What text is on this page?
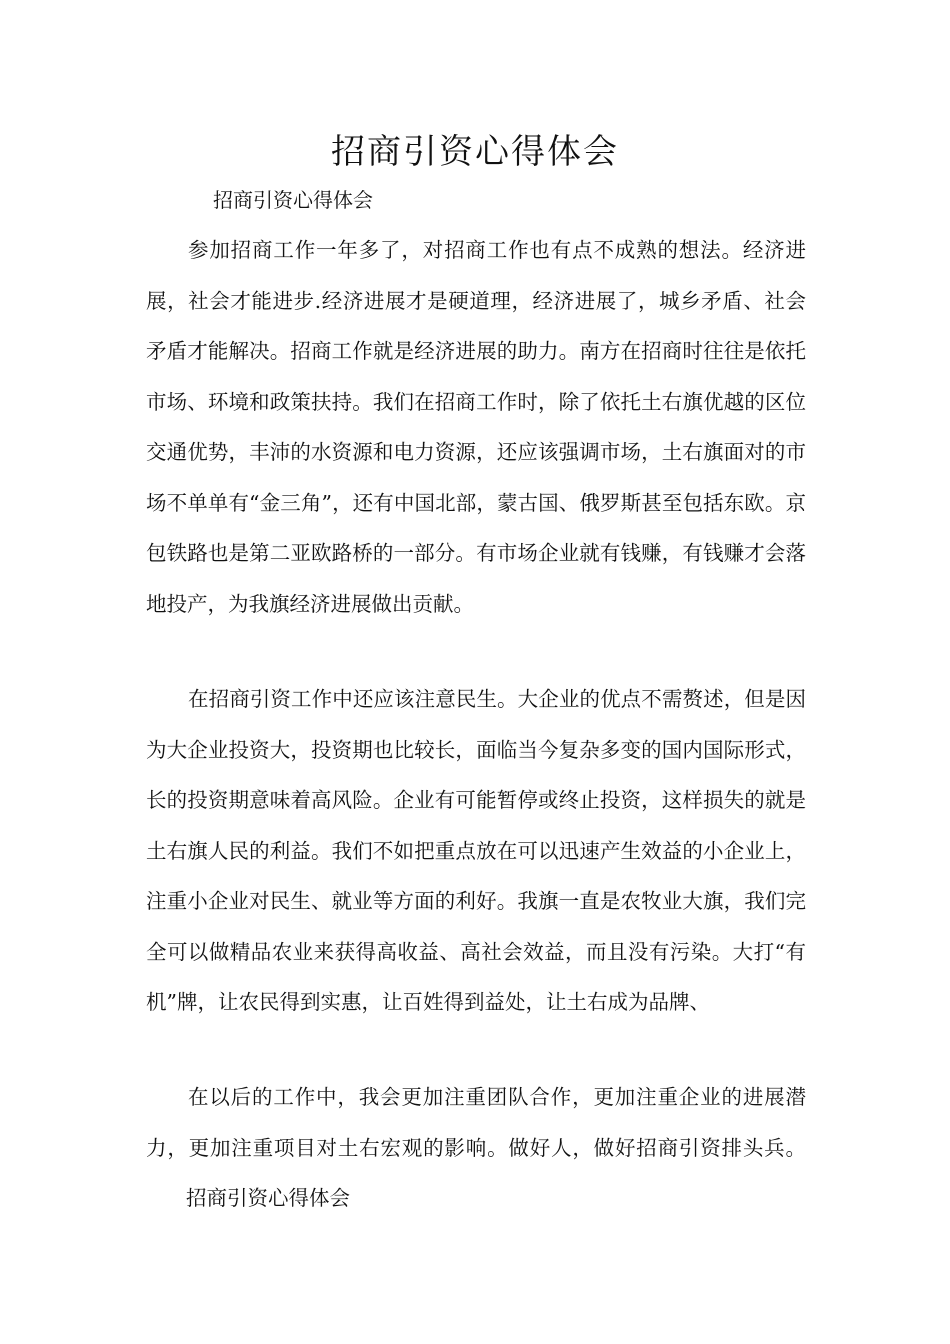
招商引资心得体会

招商引资心得体会

参加招商工作一年多了，对招商工作也有点不成熟的想法。经济进展，社会才能进步.经济进展才是硬道理，经济进展了，城乡矛盾、社会矛盾才能解决。招商工作就是经济进展的助力。南方在招商时往往是依托市场、环境和政策扶持。我们在招商工作时，除了依托土右旗优越的区位交通优势，丰沛的水资源和电力资源，还应该强调市场，土右旗面对的市场不单单有“金三角”，还有中国北部，蒙古国、俄罗斯甚至包括东欧。京包铁路也是第二亚欧路桥的一部分。有市场企业就有钱赚，有钱赚才会落地投产，为我旗经济进展做出贡献。

在招商引资工作中还应该注意民生。大企业的优点不需赘述，但是因为大企业投资大，投资期也比较长，面临当今复杂多变的国内国际形式，长的投资期意味着高风险。企业有可能暂停或终止投资，这样损失的就是土右旗人民的利益。我们不如把重点放在可以迅速产生效益的小企业上，注重小企业对民生、就业等方面的利好。我旗一直是农牧业大旗，我们完全可以做精品农业来获得高收益、高社会效益，而且没有污染。大打“有机”牌，让农民得到实惠，让百姓得到益处，让土右成为品牌、

在以后的工作中，我会更加注重团队合作，更加注重企业的进展潜力，更加注重项目对土右宏观的影响。做好人，做好招商引资排头兵。招商引资心得体会
